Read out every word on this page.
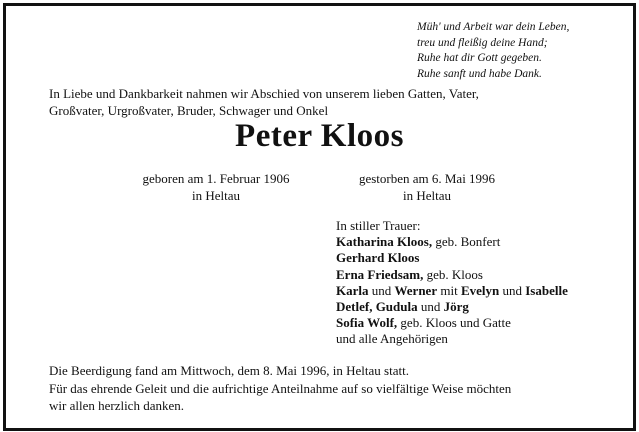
Müh' und Arbeit war dein Leben,
treu und fleißig deine Hand;
Ruhe hat dir Gott gegeben.
Ruhe sanft und habe Dank.
In Liebe und Dankbarkeit nahmen wir Abschied von unserem lieben Gatten, Vater,
Großvater, Urgroßvater, Bruder, Schwager und Onkel
Peter Kloos
geboren am 1. Februar 1906
in Heltau
gestorben am 6. Mai 1996
in Heltau
In stiller Trauer:
Katharina Kloos, geb. Bonfert
Gerhard Kloos
Erna Friedsam, geb. Kloos
Karla und Werner mit Evelyn und Isabelle
Detlef, Gudula und Jörg
Sofia Wolf, geb. Kloos und Gatte
und alle Angehörigen
Die Beerdigung fand am Mittwoch, dem 8. Mai 1996, in Heltau statt.
Für das ehrende Geleit und die aufrichtige Anteilnahme auf so vielfältige Weise möchten
wir allen herzlich danken.
